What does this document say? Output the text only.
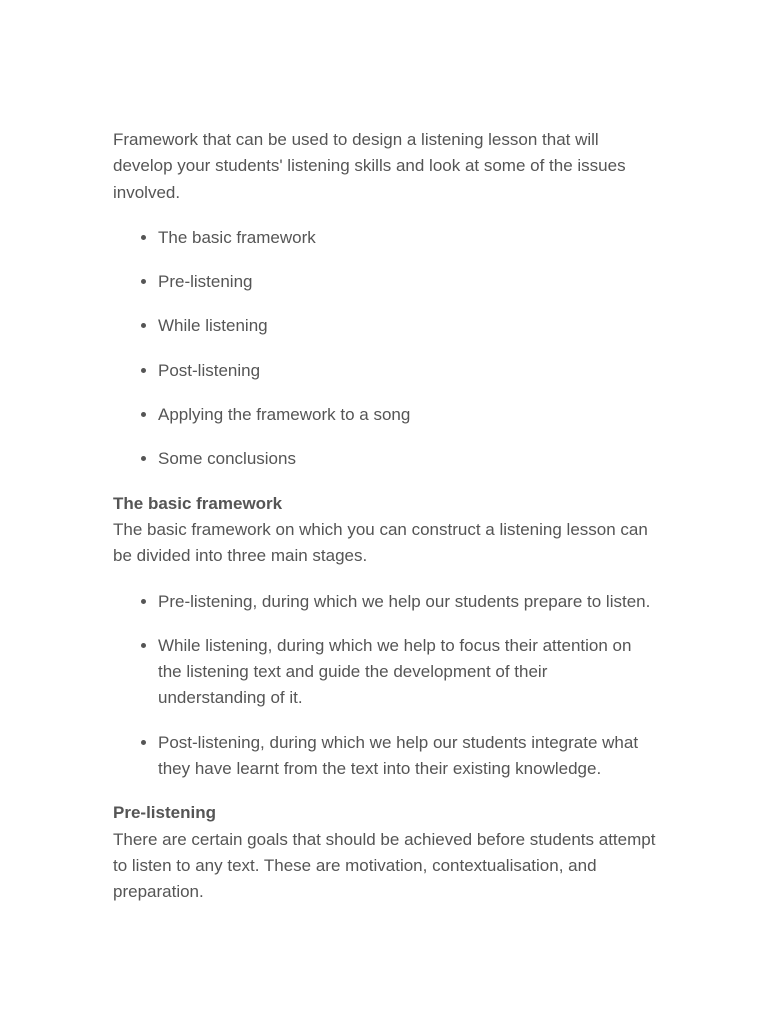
Framework that can be used to design a listening lesson that will develop your students' listening skills and look at some of the issues involved.

• The basic framework
• Pre-listening
• While listening
• Post-listening
• Applying the framework to a song
• Some conclusions

The basic framework
The basic framework on which you can construct a listening lesson can be divided into three main stages.

• Pre-listening, during which we help our students prepare to listen.
• While listening, during which we help to focus their attention on the listening text and guide the development of their understanding of it.
• Post-listening, during which we help our students integrate what they have learnt from the text into their existing knowledge.

Pre-listening
There are certain goals that should be achieved before students attempt to listen to any text. These are motivation, contextualisation, and preparation.
